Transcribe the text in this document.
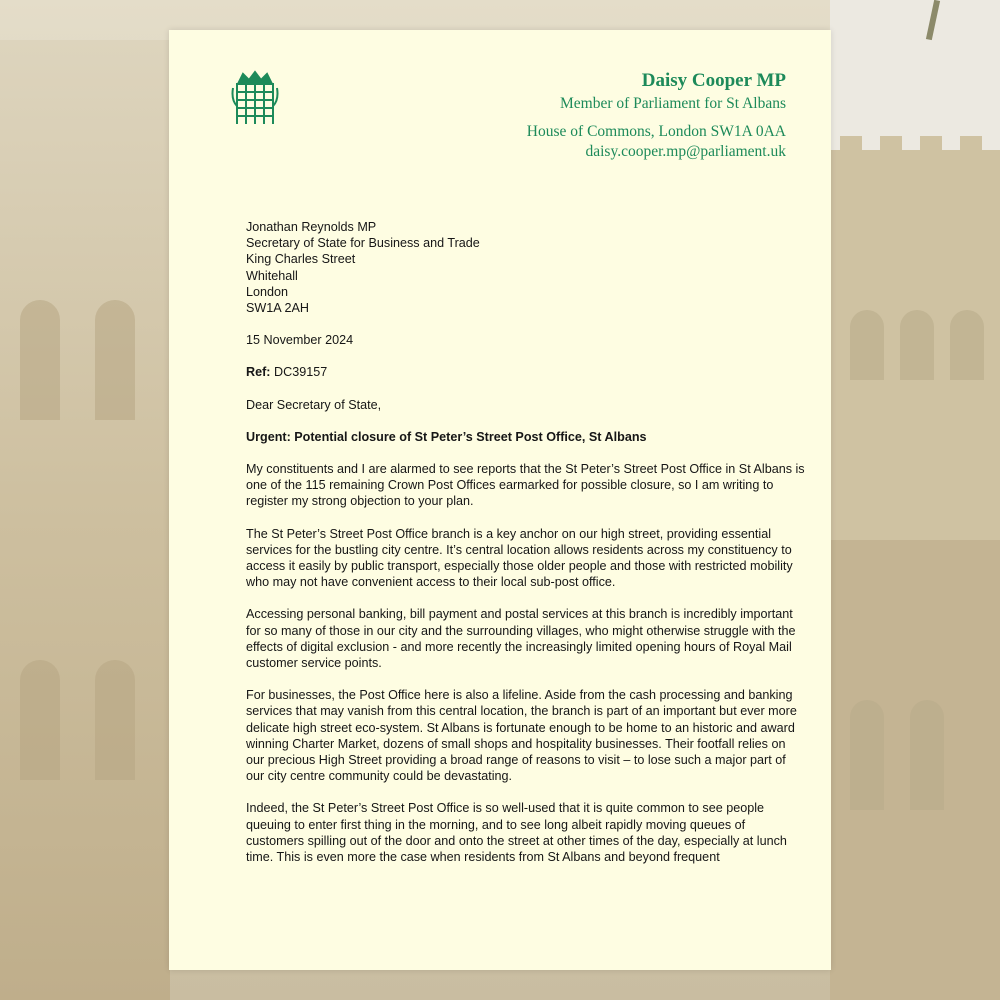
Daisy Cooper MP
Member of Parliament for St Albans
House of Commons, London SW1A 0AA
daisy.cooper.mp@parliament.uk
Jonathan Reynolds MP
Secretary of State for Business and Trade
King Charles Street
Whitehall
London
SW1A 2AH

15 November 2024

Ref: DC39157

Dear Secretary of State,

Urgent: Potential closure of St Peter’s Street Post Office, St Albans

My constituents and I are alarmed to see reports that the St Peter’s Street Post Office in St Albans is one of the 115 remaining Crown Post Offices earmarked for possible closure, so I am writing to register my strong objection to your plan.

The St Peter’s Street Post Office branch is a key anchor on our high street, providing essential services for the bustling city centre. It’s central location allows residents across my constituency to access it easily by public transport, especially those older people and those with restricted mobility who may not have convenient access to their local sub-post office.

Accessing personal banking, bill payment and postal services at this branch is incredibly important for so many of those in our city and the surrounding villages, who might otherwise struggle with the effects of digital exclusion - and more recently the increasingly limited opening hours of Royal Mail customer service points.

For businesses, the Post Office here is also a lifeline. Aside from the cash processing and banking services that may vanish from this central location, the branch is part of an important but ever more delicate high street eco-system. St Albans is fortunate enough to be home to an historic and award winning Charter Market, dozens of small shops and hospitality businesses. Their footfall relies on our precious High Street providing a broad range of reasons to visit – to lose such a major part of our city centre community could be devastating.

Indeed, the St Peter’s Street Post Office is so well-used that it is quite common to see people queuing to enter first thing in the morning, and to see long albeit rapidly moving queues of customers spilling out of the door and onto the street at other times of the day, especially at lunch time. This is even more the case when residents from St Albans and beyond frequent
